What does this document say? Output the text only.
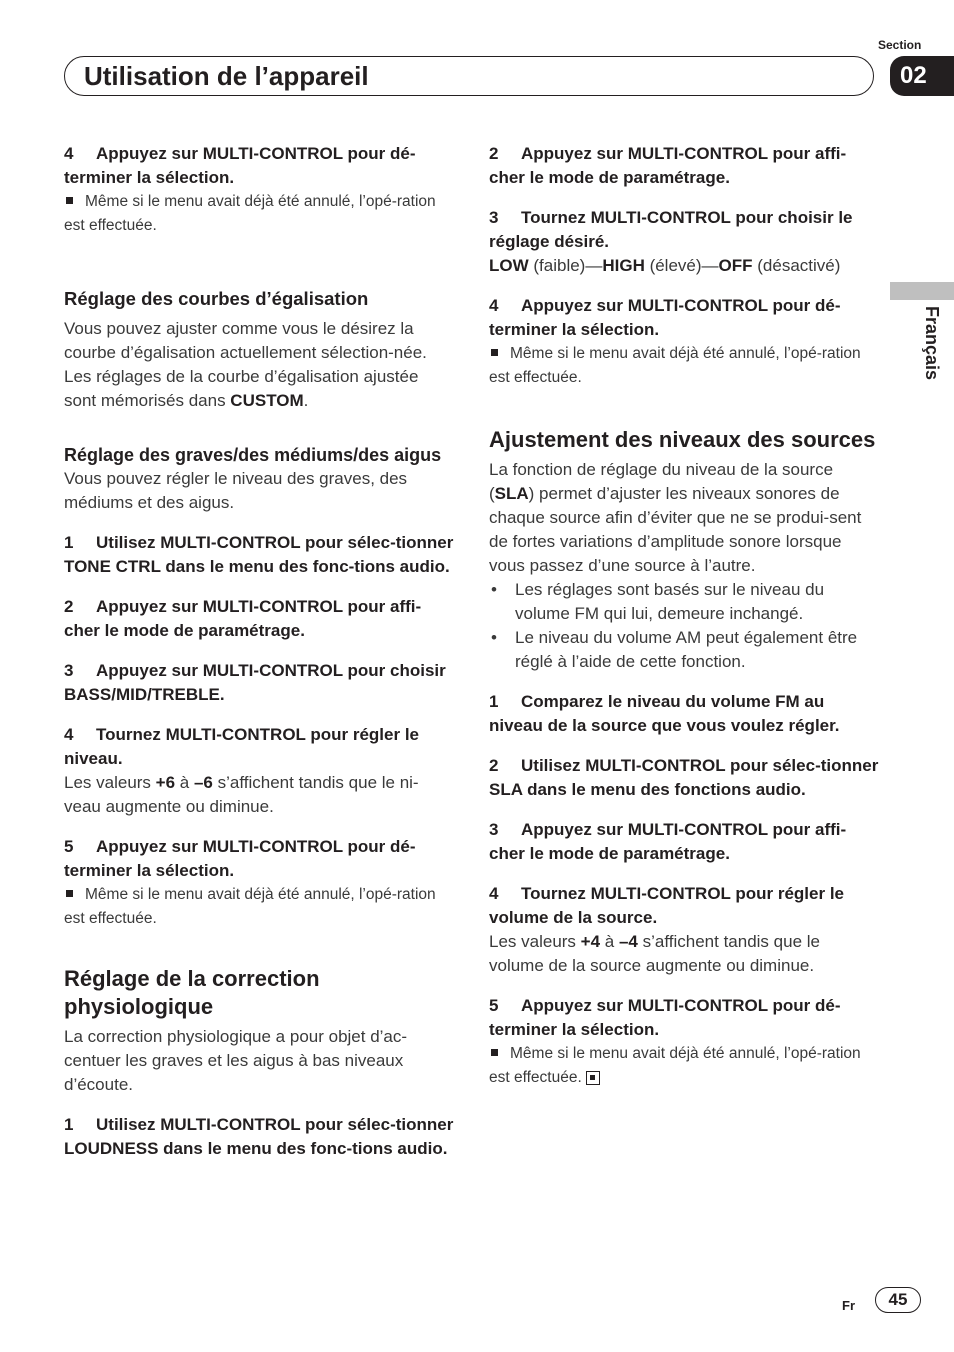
Section
02
Utilisation de l’appareil
Français

4 Appuyez sur MULTI-CONTROL pour dé-terminer la sélection.

Même si le menu avait déjà été annulé, l’opé-ration est effectuée.

Réglage des courbes d’égalisation

Vous pouvez ajuster comme vous le désirez la courbe d’égalisation actuellement sélection-née. Les réglages de la courbe d’égalisation ajustée sont mémorisés dans CUSTOM.

Réglage des graves/des médiums/des aigus

Vous pouvez régler le niveau des graves, des médiums et des aigus.

1 Utilisez MULTI-CONTROL pour sélec-tionner TONE CTRL dans le menu des fonc-tions audio.

2 Appuyez sur MULTI-CONTROL pour affi-cher le mode de paramétrage.

3 Appuyez sur MULTI-CONTROL pour choisir BASS/MID/TREBLE.

4 Tournez MULTI-CONTROL pour régler le niveau.

Les valeurs +6 à –6 s’affichent tandis que le ni-veau augmente ou diminue.

5 Appuyez sur MULTI-CONTROL pour dé-terminer la sélection.

Même si le menu avait déjà été annulé, l’opé-ration est effectuée.

Réglage de la correction physiologique

La correction physiologique a pour objet d’ac-centuer les graves et les aigus à bas niveaux d’écoute.

1 Utilisez MULTI-CONTROL pour sélec-tionner LOUDNESS dans le menu des fonc-tions audio.

2 Appuyez sur MULTI-CONTROL pour affi-cher le mode de paramétrage.

3 Tournez MULTI-CONTROL pour choisir le réglage désiré.

LOW (faible)—HIGH (élevé)—OFF (désactivé)

4 Appuyez sur MULTI-CONTROL pour dé-terminer la sélection.

Même si le menu avait déjà été annulé, l’opé-ration est effectuée.

Ajustement des niveaux des sources

La fonction de réglage du niveau de la source (SLA) permet d’ajuster les niveaux sonores de chaque source afin d’éviter que ne se produi-sent de fortes variations d’amplitude sonore lorsque vous passez d’une source à l’autre.

• Les réglages sont basés sur le niveau du volume FM qui lui, demeure inchangé.

• Le niveau du volume AM peut également être réglé à l’aide de cette fonction.

1 Comparez le niveau du volume FM au niveau de la source que vous voulez régler.

2 Utilisez MULTI-CONTROL pour sélec-tionner SLA dans le menu des fonctions audio.

3 Appuyez sur MULTI-CONTROL pour affi-cher le mode de paramétrage.

4 Tournez MULTI-CONTROL pour régler le volume de la source.

Les valeurs +4 à –4 s’affichent tandis que le volume de la source augmente ou diminue.

5 Appuyez sur MULTI-CONTROL pour dé-terminer la sélection.

Même si le menu avait déjà été annulé, l’opé-ration est effectuée.

Fr	45
